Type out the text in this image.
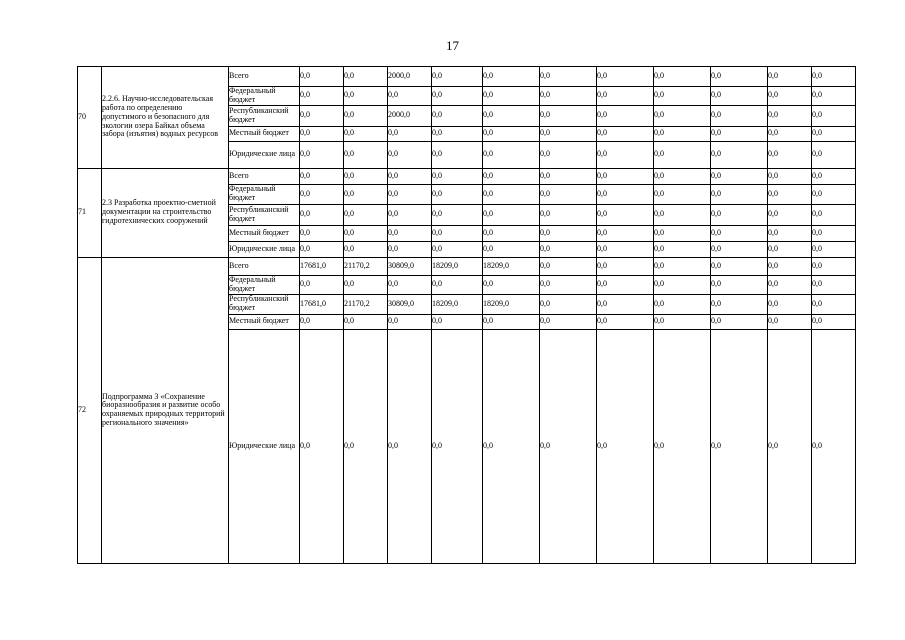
17
70	2.2.6. Научно-исследовательская работа по определению допустимого и безопасного для экологии озера Байкал объема забора (изъятия) водных ресурсов	Всего	0,0	0,0	2000,0	0,0	0,0	0,0	0,0	0,0	0,0	0,0	0,0
		Федеральный бюджет	0,0	0,0	0,0	0,0	0,0	0,0	0,0	0,0	0,0	0,0	0,0
		Республиканский бюджет	0,0	0,0	2000,0	0,0	0,0	0,0	0,0	0,0	0,0	0,0	0,0
		Местный бюджет	0,0	0,0	0,0	0,0	0,0	0,0	0,0	0,0	0,0	0,0	0,0
		Юридические лица	0,0	0,0	0,0	0,0	0,0	0,0	0,0	0,0	0,0	0,0	0,0
71	2.3 Разработка проектно-сметной документации на строительство гидротехнических сооружений	Всего	0,0	0,0	0,0	0,0	0,0	0,0	0,0	0,0	0,0	0,0	0,0
		Федеральный бюджет	0,0	0,0	0,0	0,0	0,0	0,0	0,0	0,0	0,0	0,0	0,0
		Республиканский бюджет	0,0	0,0	0,0	0,0	0,0	0,0	0,0	0,0	0,0	0,0	0,0
		Местный бюджет	0,0	0,0	0,0	0,0	0,0	0,0	0,0	0,0	0,0	0,0	0,0
		Юридические лица	0,0	0,0	0,0	0,0	0,0	0,0	0,0	0,0	0,0	0,0	0,0
72	Подпрограмма 3 «Сохранение биоразнообразия и развитие особо охраняемых природных территорий регионального значения»	Всего	17681,0	21170,2	30809,0	18209,0	18209,0	0,0	0,0	0,0	0,0	0,0	0,0
		Федеральный бюджет	0,0	0,0	0,0	0,0	0,0	0,0	0,0	0,0	0,0	0,0	0,0
		Республиканский бюджет	17681,0	21170,2	30809,0	18209,0	18209,0	0,0	0,0	0,0	0,0	0,0	0,0
		Местный бюджет	0,0	0,0	0,0	0,0	0,0	0,0	0,0	0,0	0,0	0,0	0,0
		Юридические лица	0,0	0,0	0,0	0,0	0,0	0,0	0,0	0,0	0,0	0,0	0,0
